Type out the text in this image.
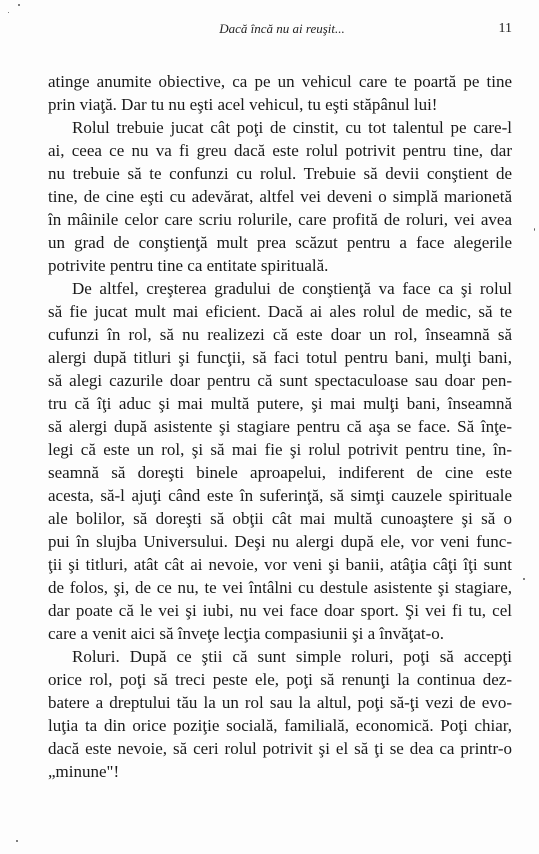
Dacă încă nu ai reuşit...	11

atinge anumite obiective, ca pe un vehicul care te poartă pe tine
prin viaţă. Dar tu nu eşti acel vehicul, tu eşti stăpânul lui!

Rolul trebuie jucat cât poţi de cinstit, cu tot talentul pe care-l
ai, ceea ce nu va fi greu dacă este rolul potrivit pentru tine, dar
nu trebuie să te confunzi cu rolul. Trebuie să devii conştient de
tine, de cine eşti cu adevărat, altfel vei deveni o simplă marionetă
în mâinile celor care scriu rolurile, care profită de roluri, vei avea
un grad de conştienţă mult prea scăzut pentru a face alegerile
potrivite pentru tine ca entitate spirituală.

De altfel, creşterea gradului de conştienţă va face ca şi rolul
să fie jucat mult mai eficient. Dacă ai ales rolul de medic, să te
cufunzi în rol, să nu realizezi că este doar un rol, înseamnă să
alergi după titluri şi funcţii, să faci totul pentru bani, mulţi bani,
să alegi cazurile doar pentru că sunt spectaculoase sau doar pen-
tru că îţi aduc şi mai multă putere, şi mai mulţi bani, înseamnă
să alergi după asistente şi stagiare pentru că aşa se face. Să înţe-
legi că este un rol, şi să mai fie şi rolul potrivit pentru tine, în-
seamnă să doreşti binele aproapelui, indiferent de cine este
acesta, să-l ajuţi când este în suferinţă, să simţi cauzele spirituale
ale bolilor, să doreşti să obţii cât mai multă cunoaştere şi să o
pui în slujba Universului. Deşi nu alergi după ele, vor veni func-
ţii şi titluri, atât cât ai nevoie, vor veni şi banii, atâţia câţi îţi sunt
de folos, şi, de ce nu, te vei întâlni cu destule asistente şi stagiare,
dar poate că le vei şi iubi, nu vei face doar sport. Şi vei fi tu, cel
care a venit aici să înveţe lecţia compasiunii şi a învăţat-o.

Roluri. După ce ştii că sunt simple roluri, poţi să accepţi
orice rol, poţi să treci peste ele, poţi să renunţi la continua dez-
batere a dreptului tău la un rol sau la altul, poţi să-ţi vezi de evo-
luţia ta din orice poziţie socială, familială, economică. Poţi chiar,
dacă este nevoie, să ceri rolul potrivit şi el să ţi se dea ca printr-o
„minune"!
